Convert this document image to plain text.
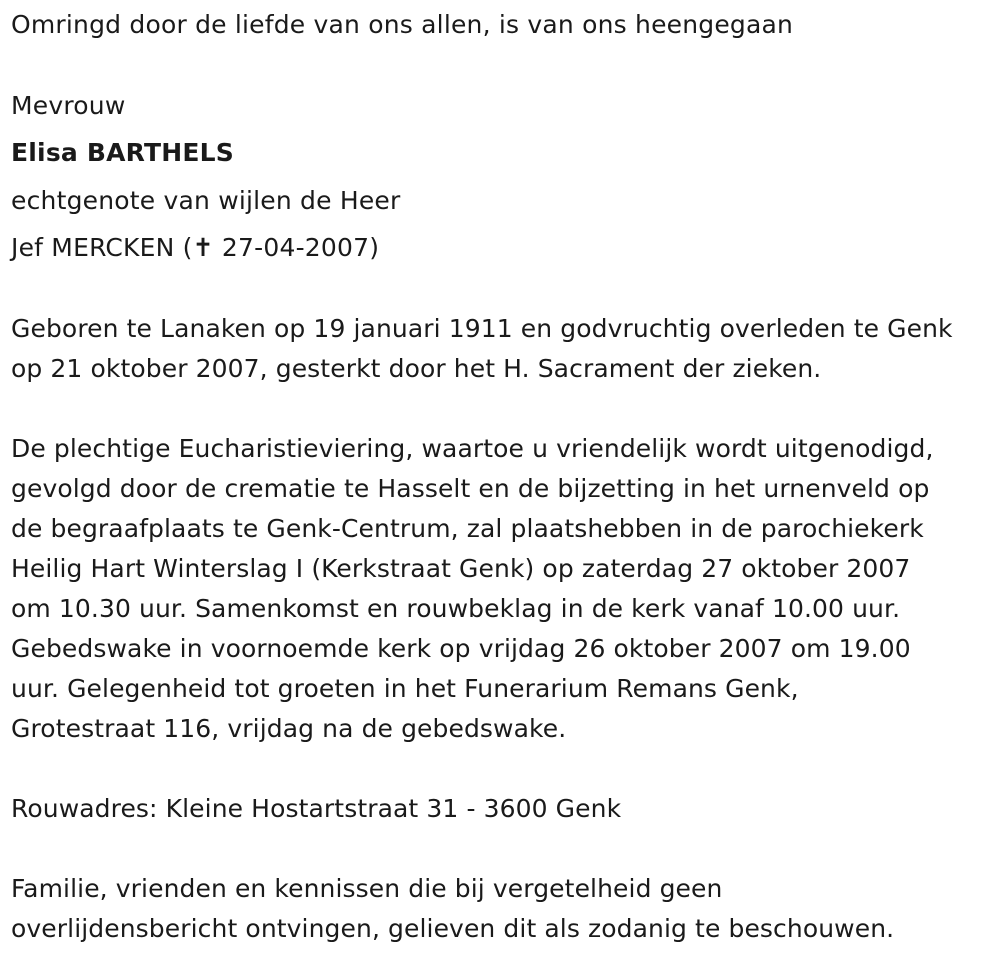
Omringd door de liefde van ons allen, is van ons heengegaan
Mevrouw
Elisa BARTHELS
echtgenote van wijlen de Heer
Jef MERCKEN (✝ 27-04-2007)
Geboren te Lanaken op 19 januari 1911 en godvruchtig overleden te Genk
op 21 oktober 2007, gesterkt door het H. Sacrament der zieken.
De plechtige Eucharistieviering, waartoe u vriendelijk wordt uitgenodigd,
gevolgd door de crematie te Hasselt en de bijzetting in het urnenveld op
de begraafplaats te Genk-Centrum, zal plaatshebben in de parochiekerk
Heilig Hart Winterslag I (Kerkstraat Genk) op zaterdag 27 oktober 2007
om 10.30 uur. Samenkomst en rouwbeklag in de kerk vanaf 10.00 uur.
Gebedswake in voornoemde kerk op vrijdag 26 oktober 2007 om 19.00
uur. Gelegenheid tot groeten in het Funerarium Remans Genk,
Grotestraat 116, vrijdag na de gebedswake.
Rouwadres: Kleine Hostartstraat 31 - 3600 Genk
Familie, vrienden en kennissen die bij vergetelheid geen
overlijdensbericht ontvingen, gelieven dit als zodanig te beschouwen.
